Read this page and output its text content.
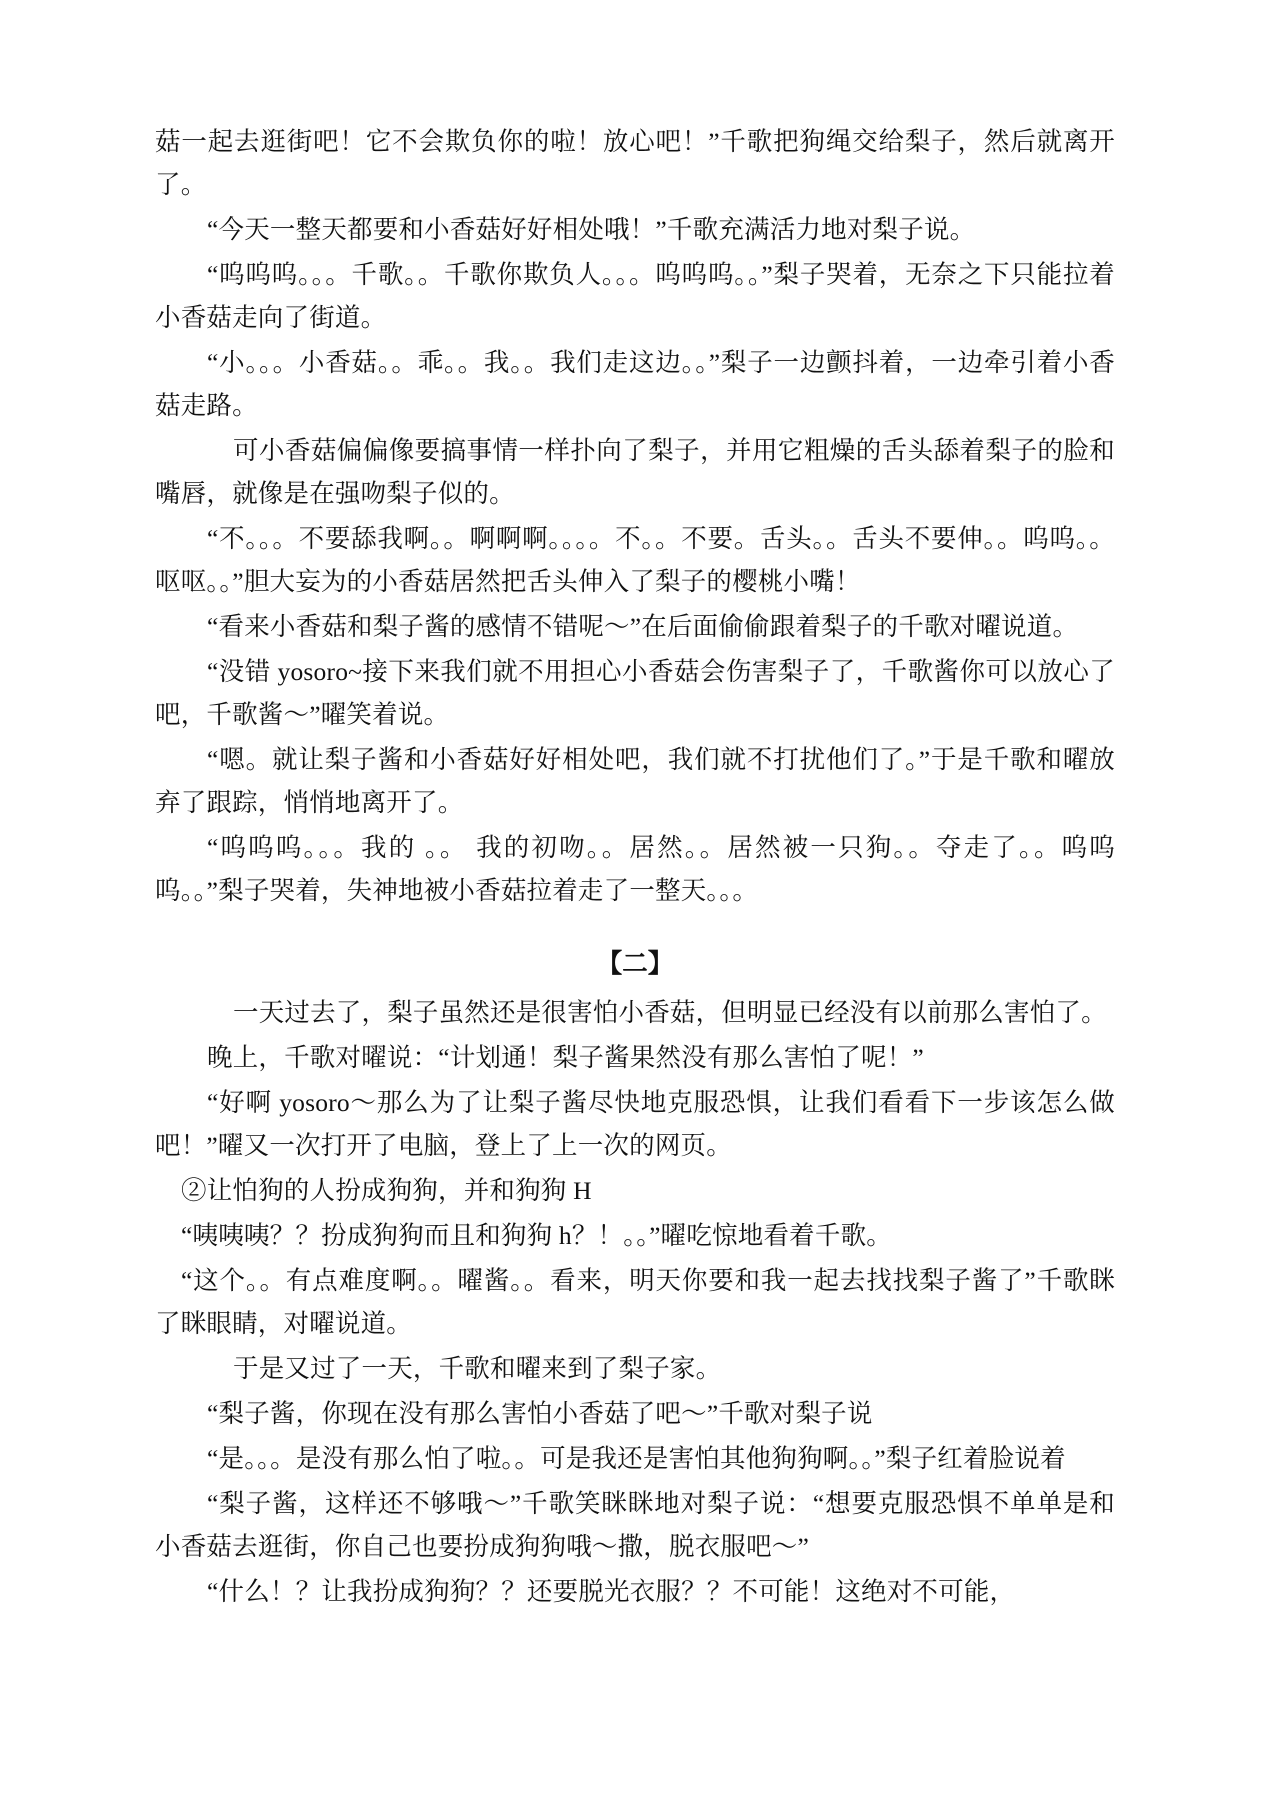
菇一起去逛街吧！它不会欺负你的啦！放心吧！”千歌把狗绳交给梨子，然后就离开了。

“今天一整天都要和小香菇好好相处哦！”千歌充满活力地对梨子说。

“呜呜呜。。。千歌。。千歌你欺负人。。。呜呜呜。。”梨子哭着，无奈之下只能拉着小香菇走向了街道。

“小。。。小香菇。。乖。。我。。我们走这边。。”梨子一边颤抖着，一边牵引着小香菇走路。

可小香菇偏偏像要搞事情一样扑向了梨子，并用它粗燥的舌头舔着梨子的脸和嘴唇，就像是在强吻梨子似的。

“不。。。不要舔我啊。。啊啊啊。。。。不。。不要。舌头。。舌头不要伸。。呜呜。。呕呕。。”胆大妄为的小香菇居然把舌头伸入了梨子的樱桃小嘴！

“看来小香菇和梨子酱的感情不错呢～”在后面偷偷跟着梨子的千歌对曜说道。

“没错 yosoro~接下来我们就不用担心小香菇会伤害梨子了，千歌酱你可以放心了吧，千歌酱～”曜笑着说。

“嗯。就让梨子酱和小香菇好好相处吧，我们就不打扰他们了。”于是千歌和曜放弃了跟踪，悄悄地离开了。

“呜呜呜。。。我的 。。 我的初吻。。居然。。居然被一只狗。。夺走了。。呜呜呜。。”梨子哭着，失神地被小香菇拉着走了一整天。。。

【二】

一天过去了，梨子虽然还是很害怕小香菇，但明显已经没有以前那么害怕了。

晚上，千歌对曜说：“计划通！梨子酱果然没有那么害怕了呢！”

“好啊 yosoro～那么为了让梨子酱尽快地克服恐惧，让我们看看下一步该怎么做吧！”曜又一次打开了电脑，登上了上一次的网页。

②让怕狗的人扮成狗狗，并和狗狗 H

“咦咦咦？？扮成狗狗而且和狗狗 h？！。。”曜吃惊地看着千歌。

“这个。。有点难度啊。。曜酱。。看来，明天你要和我一起去找找梨子酱了”千歌眯了眯眼睛，对曜说道。

于是又过了一天，千歌和曜来到了梨子家。

“梨子酱，你现在没有那么害怕小香菇了吧～”千歌对梨子说

“是。。。是没有那么怕了啦。。可是我还是害怕其他狗狗啊。。”梨子红着脸说着

“梨子酱，这样还不够哦～”千歌笑眯眯地对梨子说：“想要克服恐惧不单单是和小香菇去逛街，你自己也要扮成狗狗哦～撒，脱衣服吧～”

“什么！？让我扮成狗狗？？还要脱光衣服？？不可能！这绝对不可能，
